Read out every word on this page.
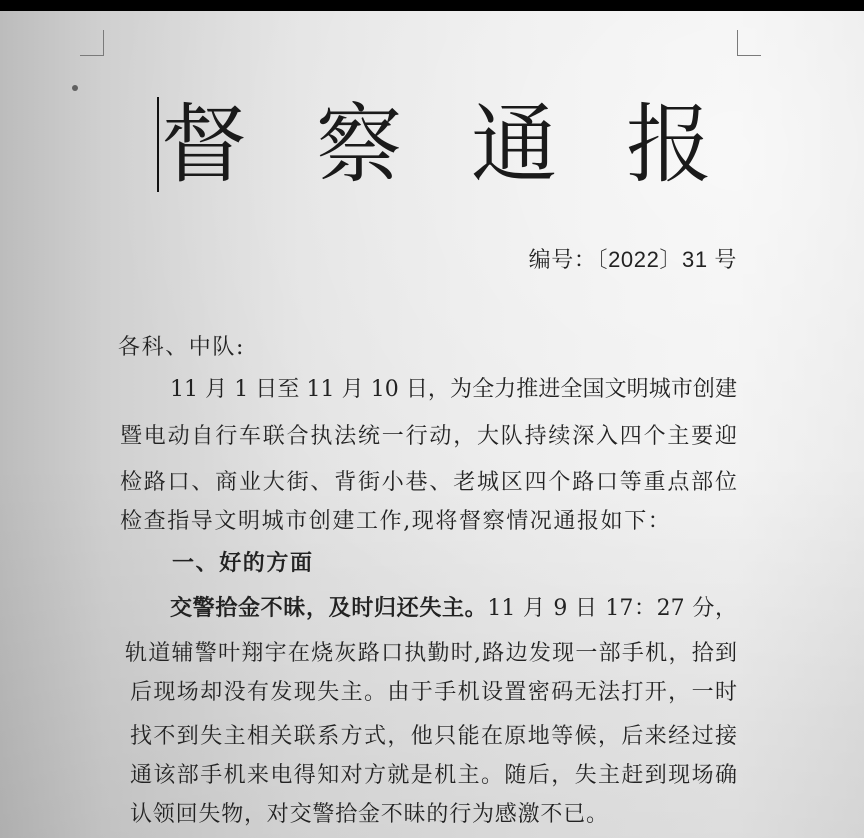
督 察 通 报
编号：〔2022〕31 号
各科、中队:
11 月 1 日至 11 月 10 日，为全力推进全国文明城市创建
暨电动自行车联合执法统一行动，大队持续深入四个主要迎
检路口、商业大街、背街小巷、老城区四个路口等重点部位
检查指导文明城市创建工作,现将督察情况通报如下：
一、好的方面
交警拾金不昧，及时归还失主。11 月 9 日 17：27 分，
轨道辅警叶翔宇在烧灰路口执勤时,路边发现一部手机，拾到
后现场却没有发现失主。由于手机设置密码无法打开，一时
找不到失主相关联系方式，他只能在原地等候，后来经过接
通该部手机来电得知对方就是机主。随后，失主赶到现场确
认领回失物，对交警拾金不昧的行为感激不已。
